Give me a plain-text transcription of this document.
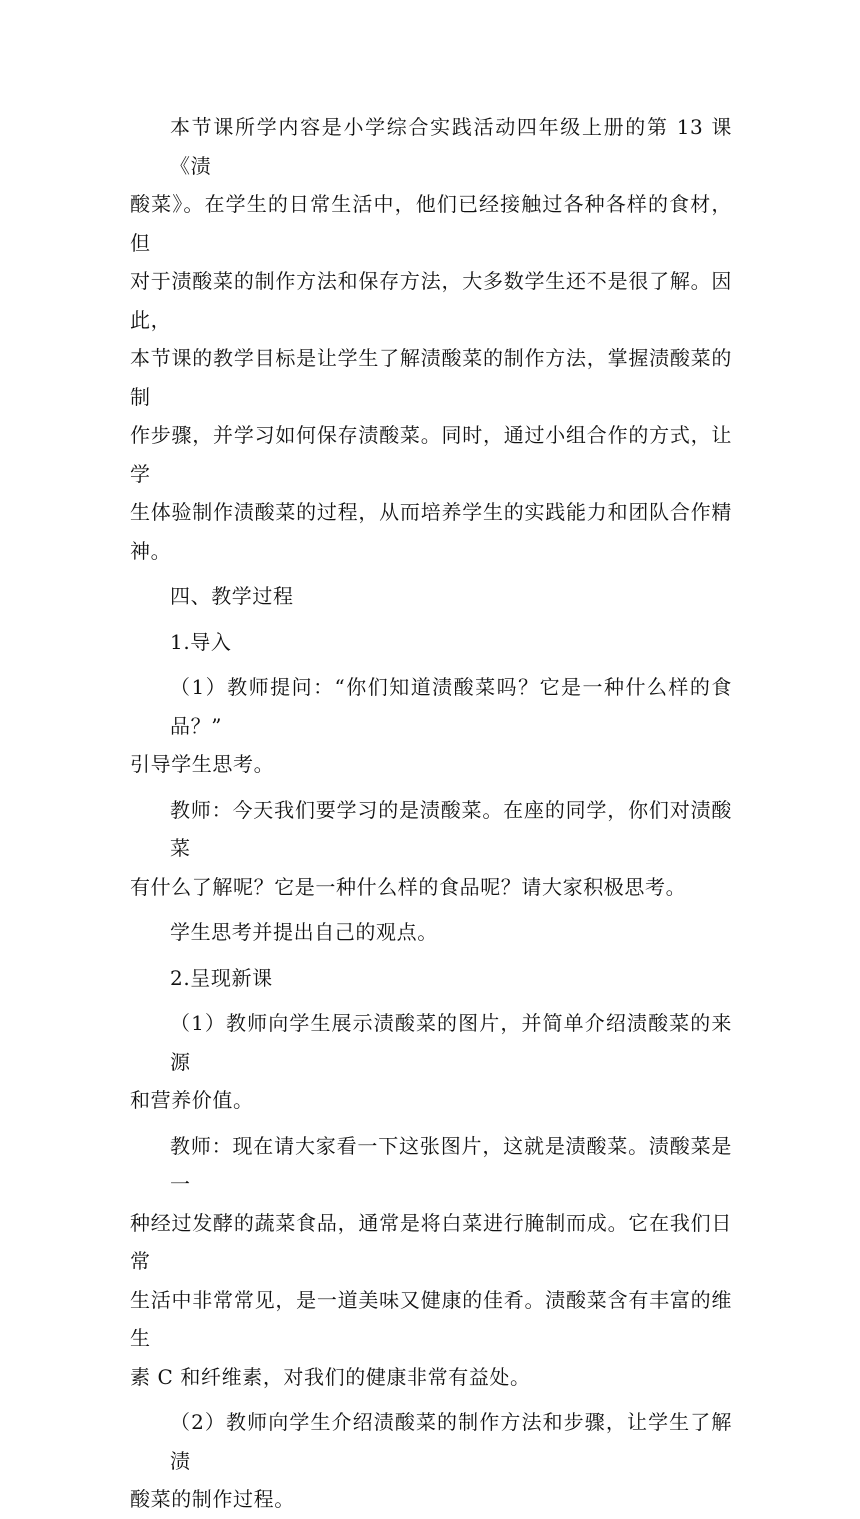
本节课所学内容是小学综合实践活动四年级上册的第 13 课《渍
酸菜》。在学生的日常生活中，他们已经接触过各种各样的食材，但
对于渍酸菜的制作方法和保存方法，大多数学生还不是很了解。因此，
本节课的教学目标是让学生了解渍酸菜的制作方法，掌握渍酸菜的制
作步骤，并学习如何保存渍酸菜。同时，通过小组合作的方式，让学
生体验制作渍酸菜的过程，从而培养学生的实践能力和团队合作精神。
四、教学过程
1.导入
（1）教师提问：“你们知道渍酸菜吗？它是一种什么样的食品？”
引导学生思考。
教师：今天我们要学习的是渍酸菜。在座的同学，你们对渍酸菜
有什么了解呢？它是一种什么样的食品呢？请大家积极思考。
学生思考并提出自己的观点。
2.呈现新课
（1）教师向学生展示渍酸菜的图片，并简单介绍渍酸菜的来源
和营养价值。
教师：现在请大家看一下这张图片，这就是渍酸菜。渍酸菜是一
种经过发酵的蔬菜食品，通常是将白菜进行腌制而成。它在我们日常
生活中非常常见，是一道美味又健康的佳肴。渍酸菜含有丰富的维生
素 C 和纤维素，对我们的健康非常有益处。
（2）教师向学生介绍渍酸菜的制作方法和步骤，让学生了解渍
酸菜的制作过程。
